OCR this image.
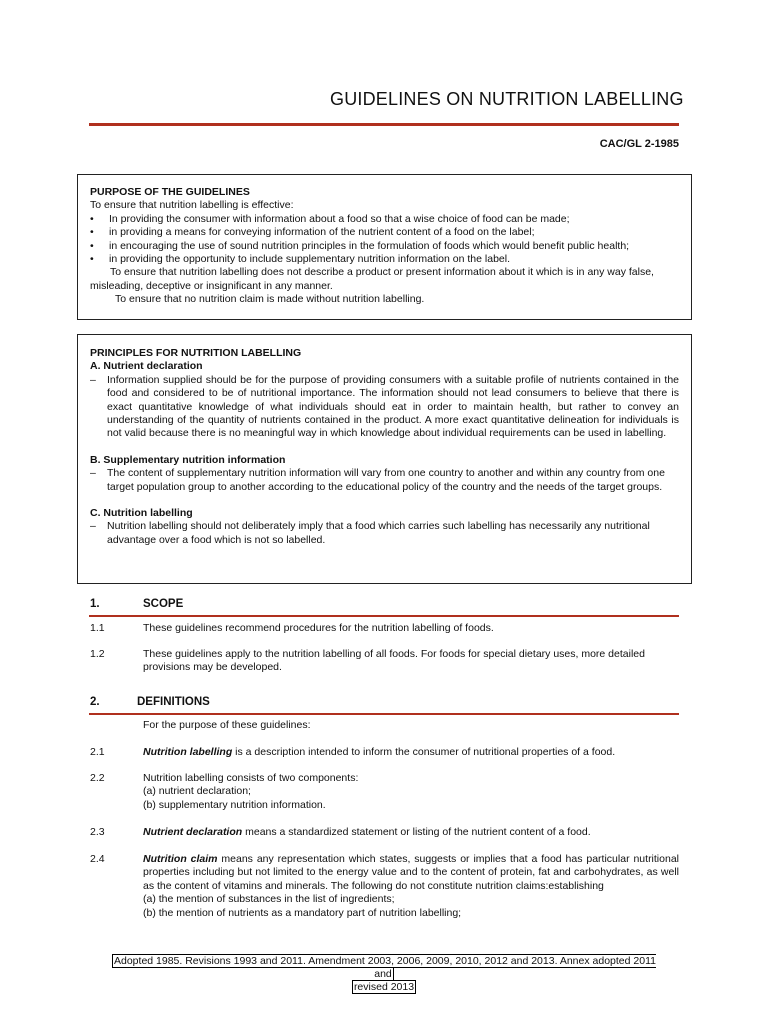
GUIDELINES ON NUTRITION LABELLING
CAC/GL 2-1985
PURPOSE OF THE GUIDELINES
To ensure that nutrition labelling is effective:
•	In providing the consumer with information about a food so that a wise choice of food can be made;
•	in providing a means for conveying information of the nutrient content of a food on the label;
•	in encouraging the use of sound nutrition principles in the formulation of foods which would benefit public health;
•	in providing the opportunity to include supplementary nutrition information on the label.
To ensure that nutrition labelling does not describe a product or present information about it which is in any way false, misleading, deceptive or insignificant in any manner.
To ensure that no nutrition claim is made without nutrition labelling.
PRINCIPLES FOR NUTRITION LABELLING
A. Nutrient declaration
–	Information supplied should be for the purpose of providing consumers with a suitable profile of nutrients contained in the food and considered to be of nutritional importance. The information should not lead consumers to believe that there is exact quantitative knowledge of what individuals should eat in order to maintain health, but rather to convey an understanding of the quantity of nutrients contained in the product. A more exact quantitative delineation for individuals is not valid because there is no meaningful way in which knowledge about individual requirements can be used in labelling.
B. Supplementary nutrition information
–	The content of supplementary nutrition information will vary from one country to another and within any country from one target population group to another according to the educational policy of the country and the needs of the target groups.
C. Nutrition labelling
–	Nutrition labelling should not deliberately imply that a food which carries such labelling has necessarily any nutritional advantage over a food which is not so labelled.
1.	SCOPE
1.1	These guidelines recommend procedures for the nutrition labelling of foods.
1.2	These guidelines apply to the nutrition labelling of all foods. For foods for special dietary uses, more detailed provisions may be developed.
2.	DEFINITIONS
For the purpose of these guidelines:
2.1	Nutrition labelling is a description intended to inform the consumer of nutritional properties of a food.
2.2	Nutrition labelling consists of two components:
(a) nutrient declaration;
(b) supplementary nutrition information.
2.3	Nutrient declaration means a standardized statement or listing of the nutrient content of a food.
2.4	Nutrition claim means any representation which states, suggests or implies that a food has particular nutritional properties including but not limited to the energy value and to the content of protein, fat and carbohydrates, as well as the content of vitamins and minerals. The following do not constitute nutrition claims:establishing
(a) the mention of substances in the list of ingredients;
(b) the mention of nutrients as a mandatory part of nutrition labelling;
Adopted 1985. Revisions 1993 and 2011. Amendment 2003, 2006, 2009, 2010, 2012 and 2013. Annex adopted 2011 and
revised 2013
